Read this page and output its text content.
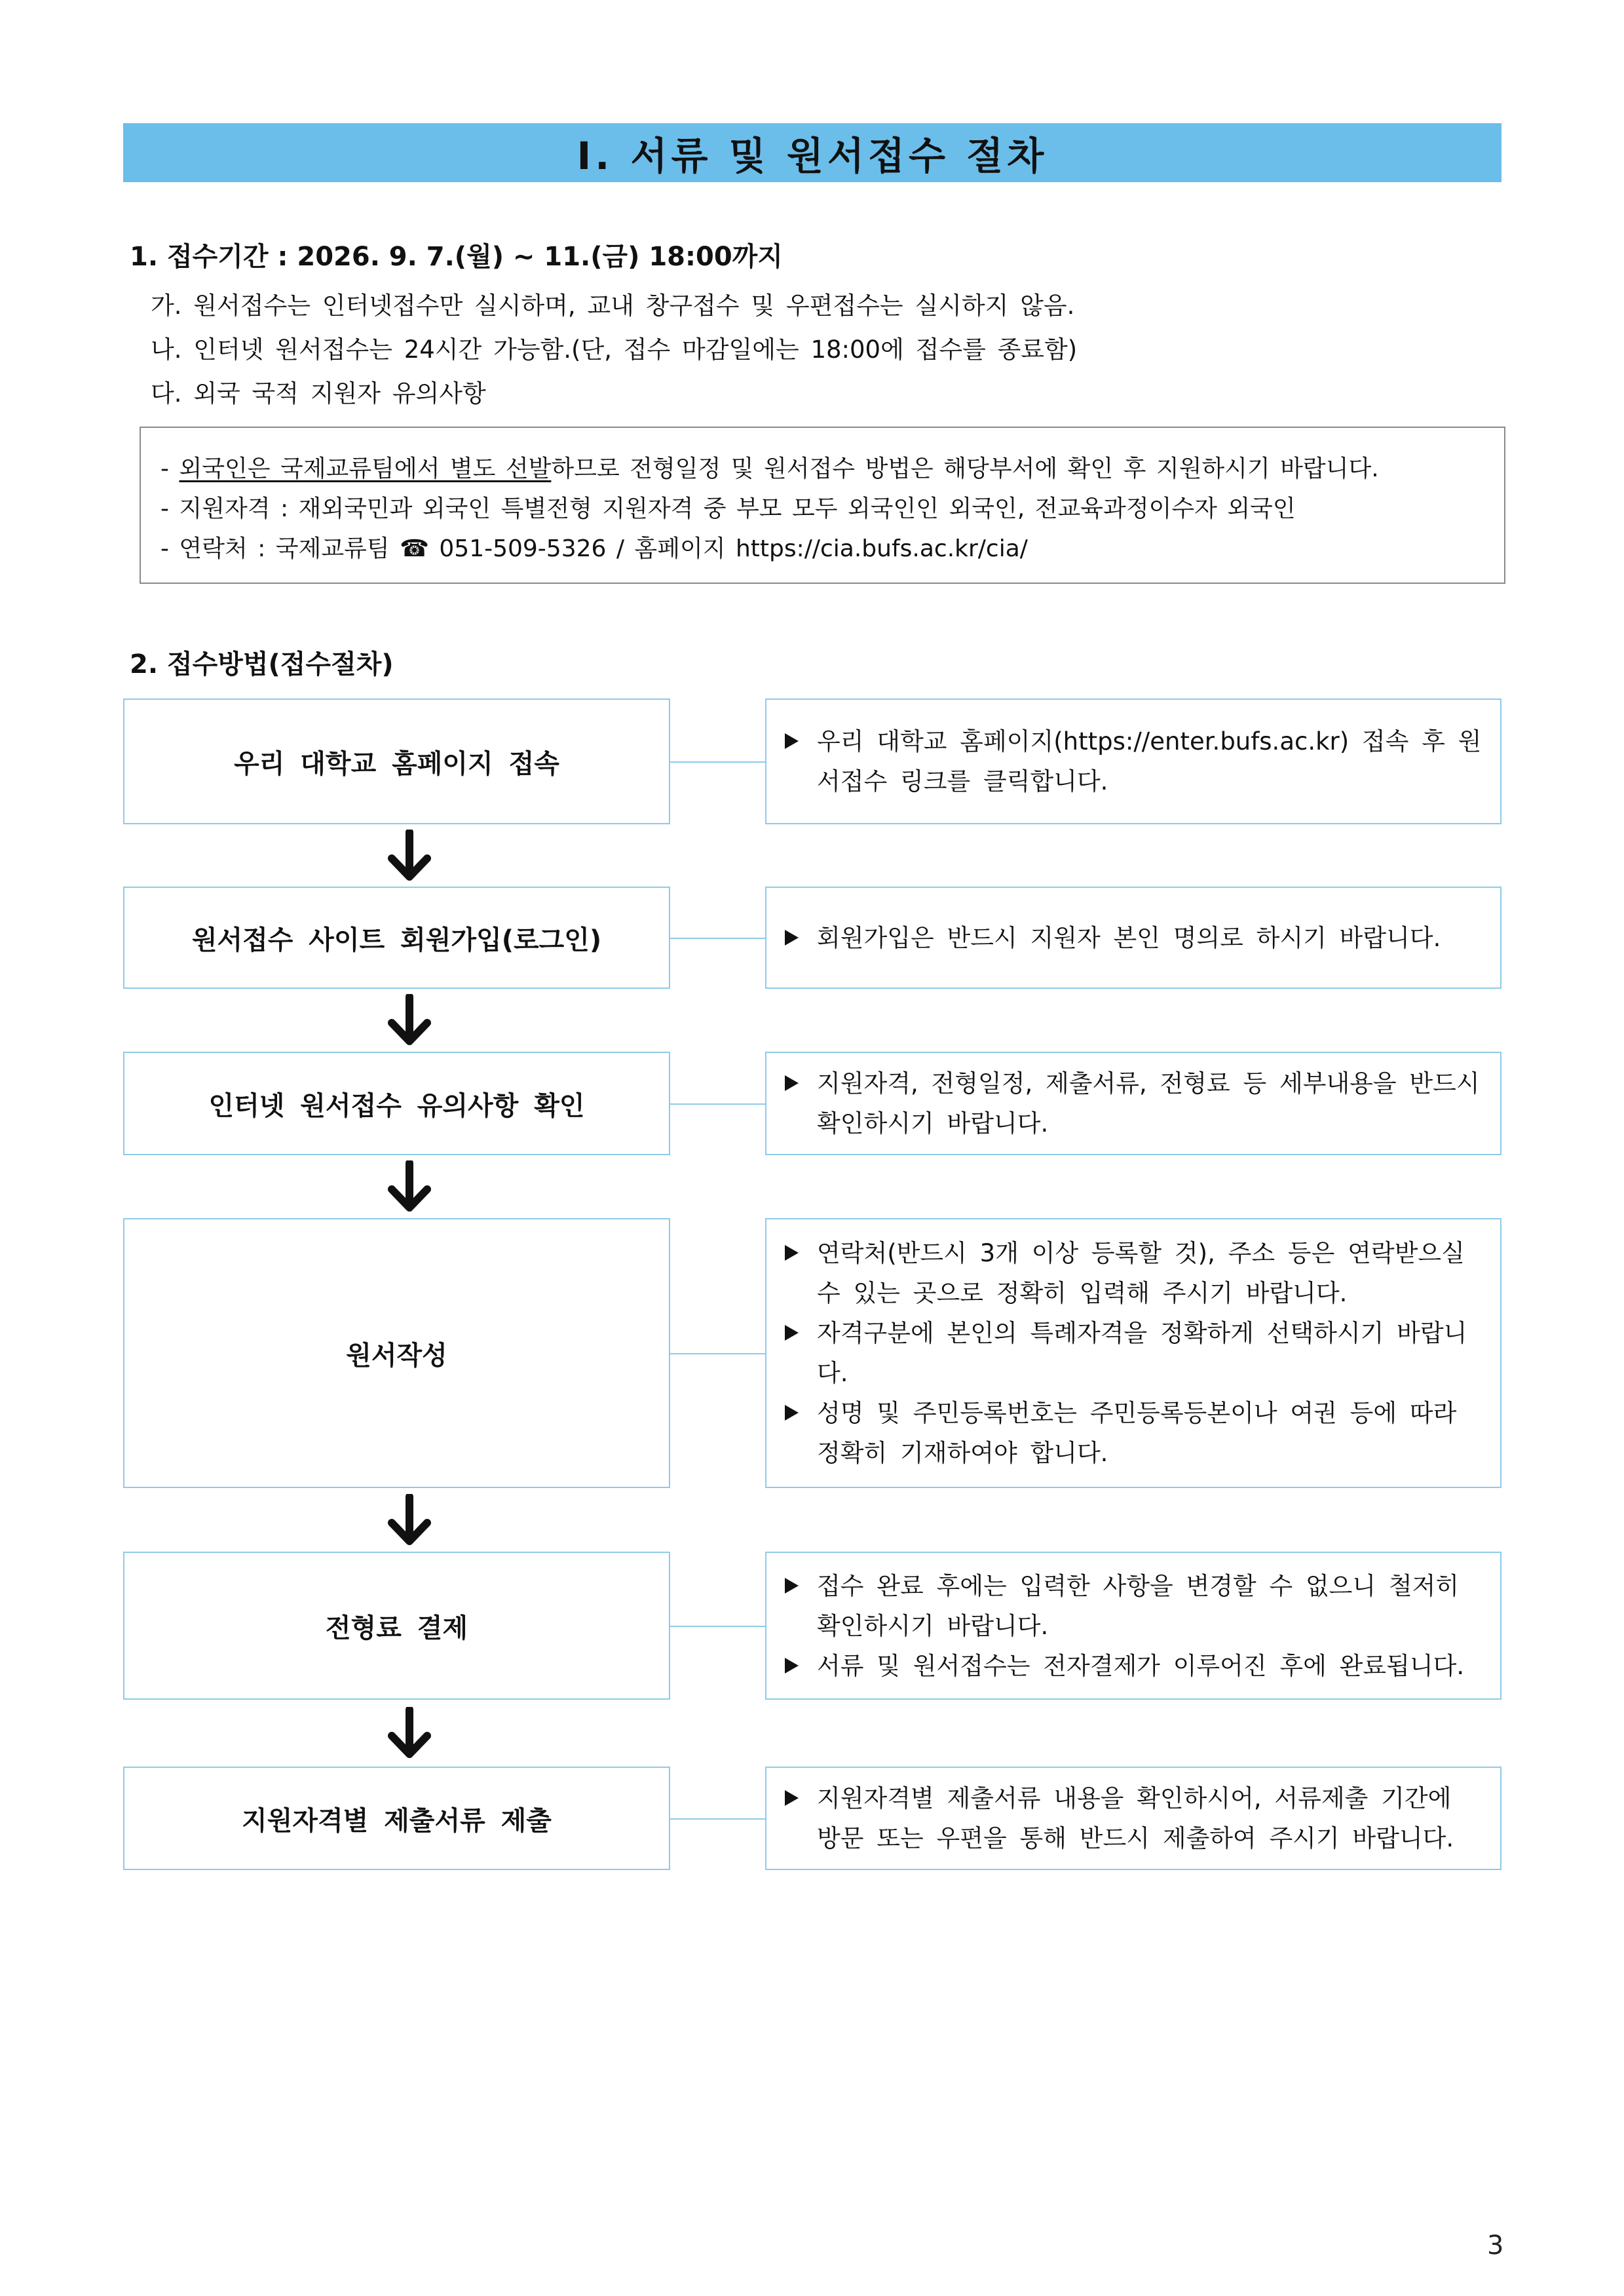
Ⅰ. 서류 및 원서접수 절차
1. 접수기간 : 2026. 9. 7.(월) ~ 11.(금) 18:00까지
가. 원서접수는 인터넷접수만 실시하며, 교내 창구접수 및 우편접수는 실시하지 않음.
나. 인터넷 원서접수는 24시간 가능함.(단, 접수 마감일에는 18:00에 접수를 종료함)
다. 외국 국적 지원자 유의사항
- 외국인은 국제교류팀에서 별도 선발하므로 전형일정 및 원서접수 방법은 해당부서에 확인 후 지원하시기 바랍니다.
- 지원자격 : 재외국민과 외국인 특별전형 지원자격 중 부모 모두 외국인인 외국인, 전교육과정이수자 외국인
- 연락처 : 국제교류팀 ☎ 051-509-5326 / 홈페이지 https://cia.bufs.ac.kr/cia/
2. 접수방법(접수절차)
우리 대학교 홈페이지 접속
우리 대학교 홈페이지(https://enter.bufs.ac.kr) 접속 후 원서접수 링크를 클릭합니다.
원서접수 사이트 회원가입(로그인)	회원가입은 반드시 지원자 본인 명의로 하시기 바랍니다.
인터넷 원서접수 유의사항 확인
지원자격, 전형일정, 제출서류, 전형료 등 세부내용을 반드시 확인하시기 바랍니다.
원서작성
연락처(반드시 3개 이상 등록할 것), 주소 등은 연락받으실 수 있는 곳으로 정확히 입력해 주시기 바랍니다.
자격구분에 본인의 특례자격을 정확하게 선택하시기 바랍니다.
성명 및 주민등록번호는 주민등록등본이나 여권 등에 따라 정확히 기재하여야 합니다.
전형료 결제
접수 완료 후에는 입력한 사항을 변경할 수 없으니 철저히 확인하시기 바랍니다.
서류 및 원서접수는 전자결제가 이루어진 후에 완료됩니다.
지원자격별 제출서류 제출
지원자격별 제출서류 내용을 확인하시어, 서류제출 기간에 방문 또는 우편을 통해 반드시 제출하여 주시기 바랍니다.
3
